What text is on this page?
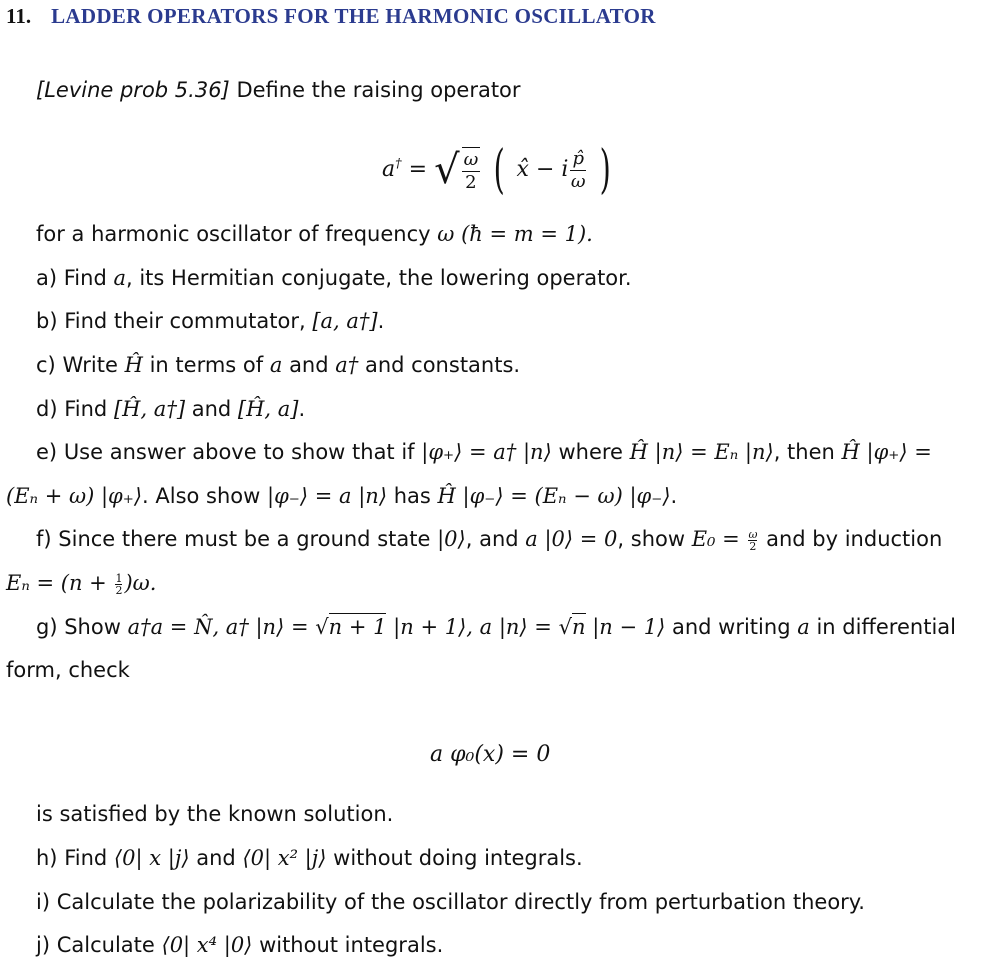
11. LADDER OPERATORS FOR THE HARMONIC OSCILLATOR
[Levine prob 5.36] Define the raising operator
a† = √ $\frac{\omega}{2}$ ( x̂ − i $\frac{p̂}{\omega}$ )
for a harmonic oscillator of frequency ω (ħ = m = 1).
a) Find a, its Hermitian conjugate, the lowering operator.
b) Find their commutator, [a, a†].
c) Write Ĥ in terms of a and a† and constants.
d) Find [Ĥ, a†] and [Ĥ, a].
e) Use answer above to show that if |φ₊⟩ = a† |n⟩ where Ĥ |n⟩ = Eₙ |n⟩, then Ĥ |φ₊⟩ =
(Eₙ + ω) |φ₊⟩. Also show |φ₋⟩ = a |n⟩ has Ĥ |φ₋⟩ = (Eₙ − ω) |φ₋⟩.
f) Since there must be a ground state |0⟩, and a |0⟩ = 0, show $E_0 = \frac{\omega}{2}$ and by induction
$E_n = (n + \frac{1}{2} )\omega$.
g) Show a†a = N̂, a† |n⟩ = √n + 1 |n + 1⟩, a |n⟩ = √n |n − 1⟩ and writing a in differential
form, check
a φ₀(x) = 0
is satisfied by the known solution.
h) Find ⟨0| x |j⟩ and ⟨0| x² |j⟩ without doing integrals.
i) Calculate the polarizability of the oscillator directly from perturbation theory.
j) Calculate ⟨0| x⁴ |0⟩ without integrals.
